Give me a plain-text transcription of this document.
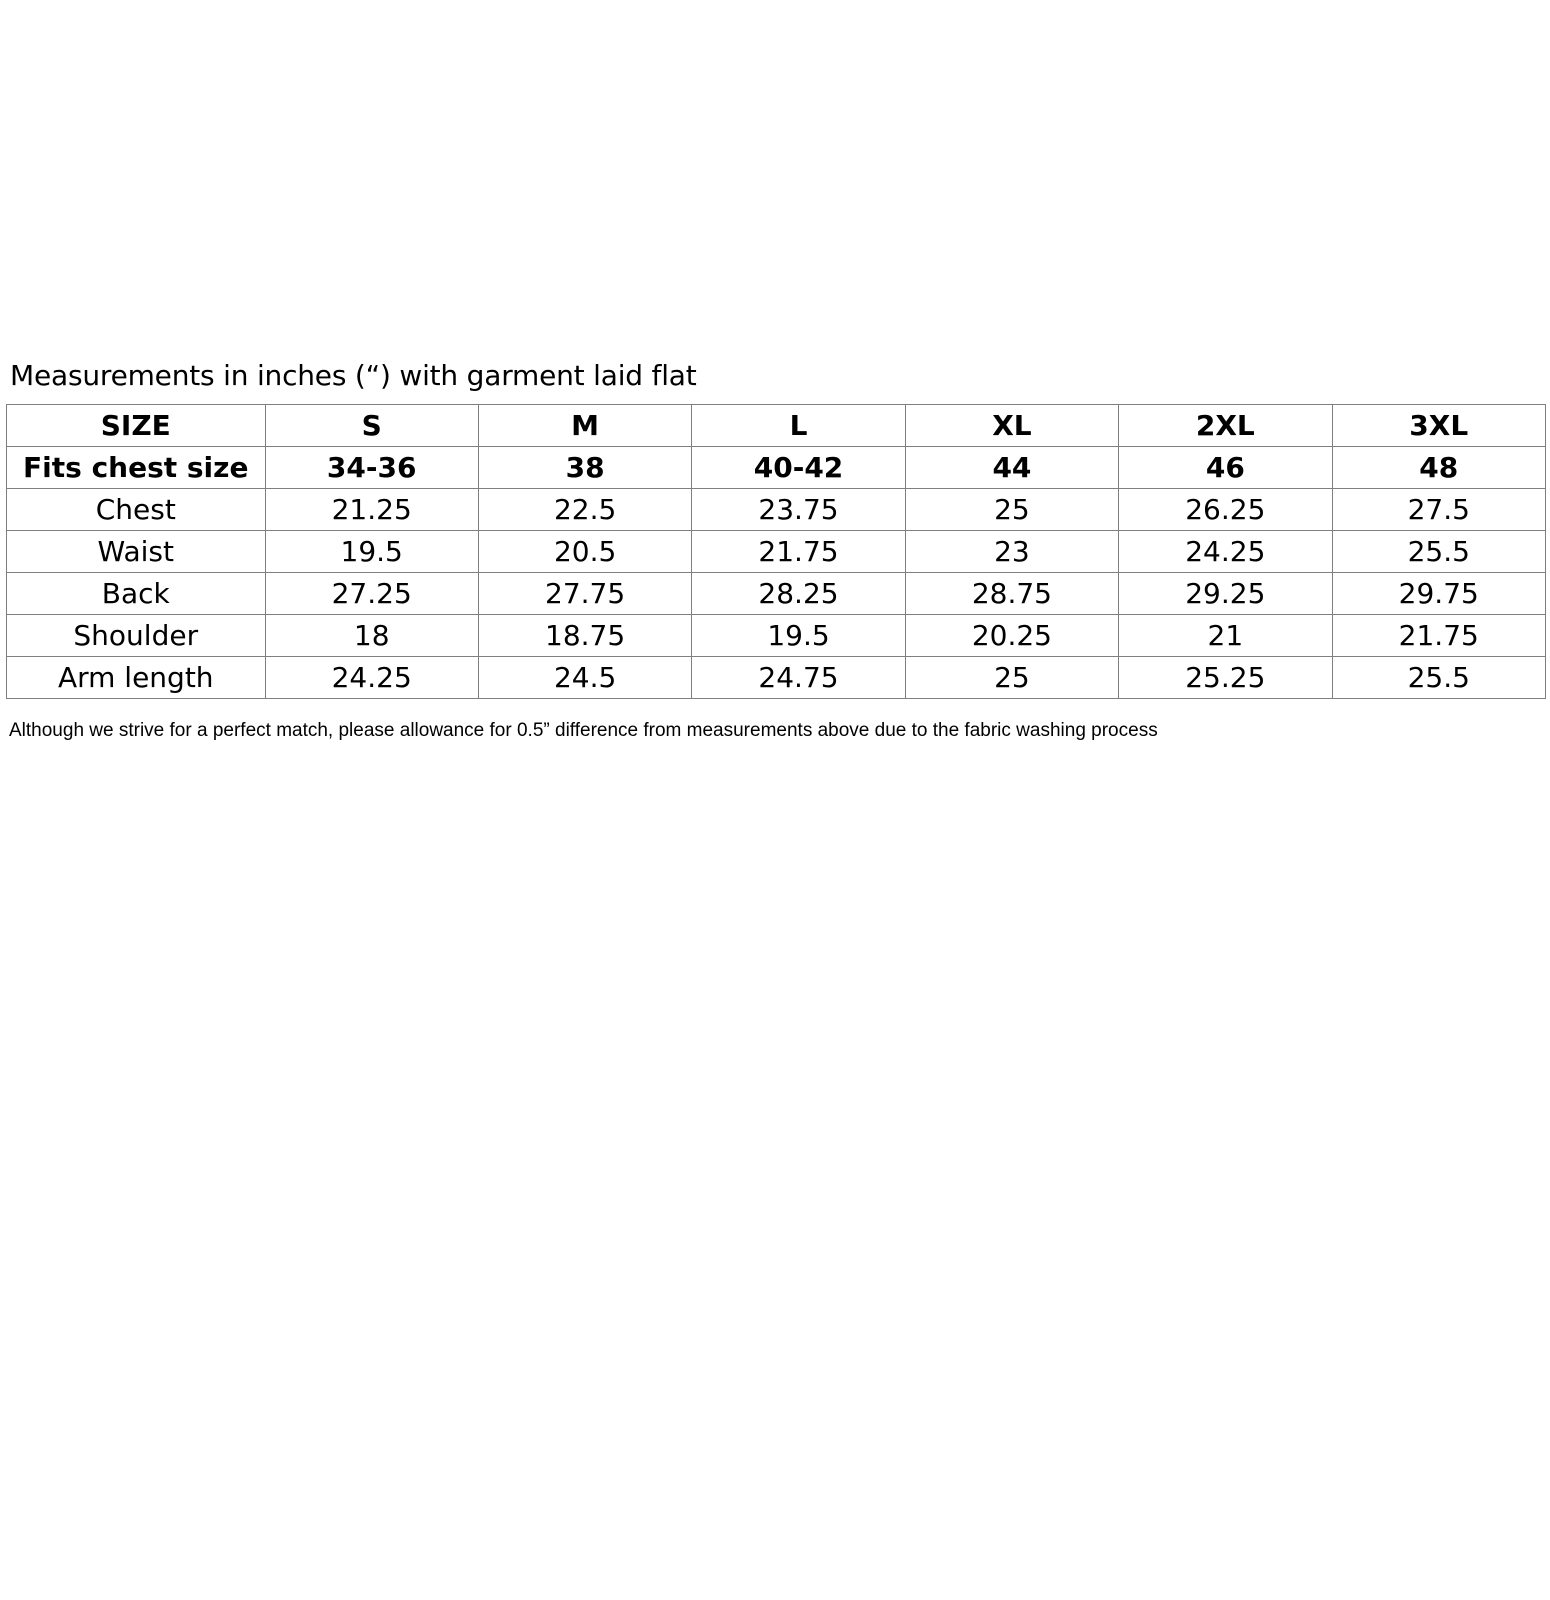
Measurements in inches (“) with garment laid flat
SIZE	S	M	L	XL	2XL	3XL
Fits chest size	34-36	38	40-42	44	46	48
Chest	21.25	22.5	23.75	25	26.25	27.5
Waist	19.5	20.5	21.75	23	24.25	25.5
Back	27.25	27.75	28.25	28.75	29.25	29.75
Shoulder	18	18.75	19.5	20.25	21	21.75
Arm length	24.25	24.5	24.75	25	25.25	25.5
Although we strive for a perfect match, please allowance for 0.5” difference from measurements above due to the fabric washing process
